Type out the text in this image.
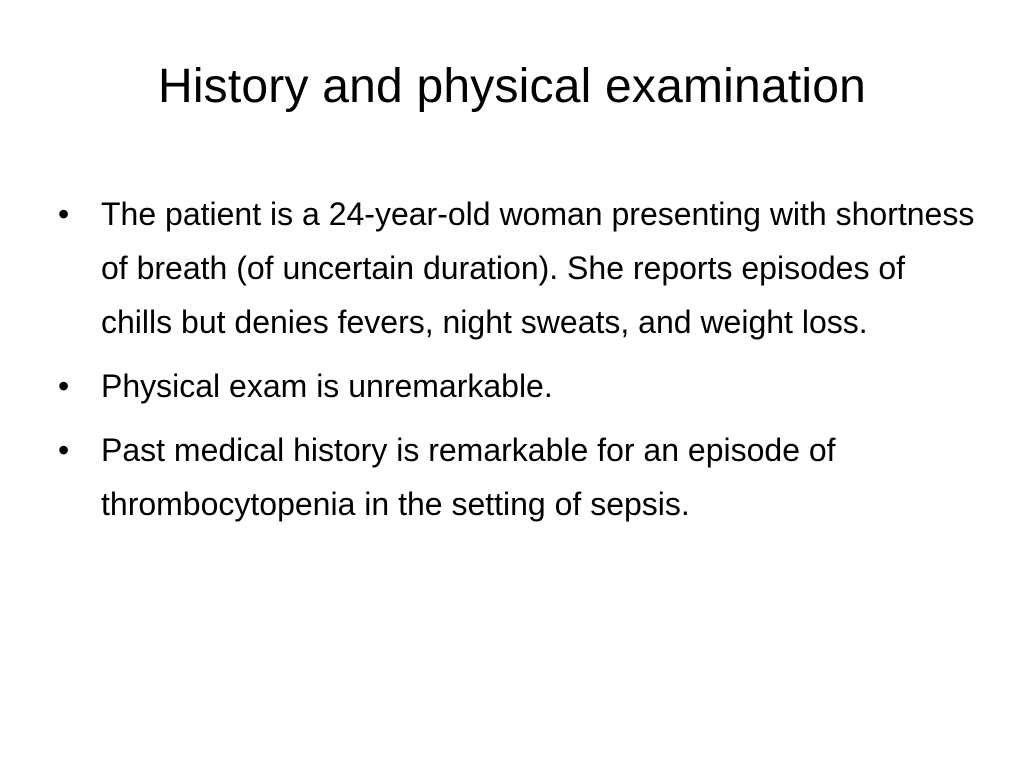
History and physical examination
• The patient is a 24-year-old woman presenting with shortness of breath (of uncertain duration). She reports episodes of chills but denies fevers, night sweats, and weight loss.
• Physical exam is unremarkable.
• Past medical history is remarkable for an episode of thrombocytopenia in the setting of sepsis.
